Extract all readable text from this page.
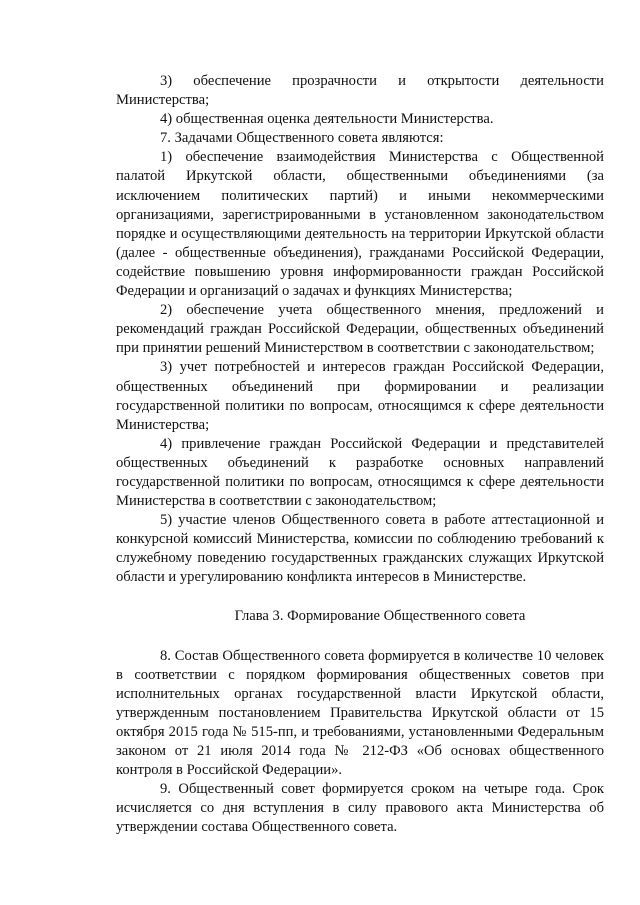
3) обеспечение прозрачности и открытости деятельности Министерства;

4) общественная оценка деятельности Министерства.

7. Задачами Общественного совета являются:

1) обеспечение взаимодействия Министерства с Общественной палатой Иркутской области, общественными объединениями (за исключением политических партий) и иными некоммерческими организациями, зарегистрированными в установленном законодательством порядке и осуществляющими деятельность на территории Иркутской области (далее - общественные объединения), гражданами Российской Федерации, содействие повышению уровня информированности граждан Российской Федерации и организаций о задачах и функциях Министерства;

2) обеспечение учета общественного мнения, предложений и рекомендаций граждан Российской Федерации, общественных объединений при принятии решений Министерством в соответствии с законодательством;

3) учет потребностей и интересов граждан Российской Федерации, общественных объединений при формировании и реализации государственной политики по вопросам, относящимся к сфере деятельности Министерства;

4) привлечение граждан Российской Федерации и представителей общественных объединений к разработке основных направлений государственной политики по вопросам, относящимся к сфере деятельности Министерства в соответствии с законодательством;

5) участие членов Общественного совета в работе аттестационной и конкурсной комиссий Министерства, комиссии по соблюдению требований к служебному поведению государственных гражданских служащих Иркутской области и урегулированию конфликта интересов в Министерстве.

Глава 3. Формирование Общественного совета

8. Состав Общественного совета формируется в количестве 10 человек в соответствии с порядком формирования общественных советов при исполнительных органах государственной власти Иркутской области, утвержденным постановлением Правительства Иркутской области от 15 октября 2015 года № 515-пп, и требованиями, установленными Федеральным законом от 21 июля 2014 года № 212-ФЗ «Об основах общественного контроля в Российской Федерации».

9. Общественный совет формируется сроком на четыре года. Срок исчисляется со дня вступления в силу правового акта Министерства об утверждении состава Общественного совета.
